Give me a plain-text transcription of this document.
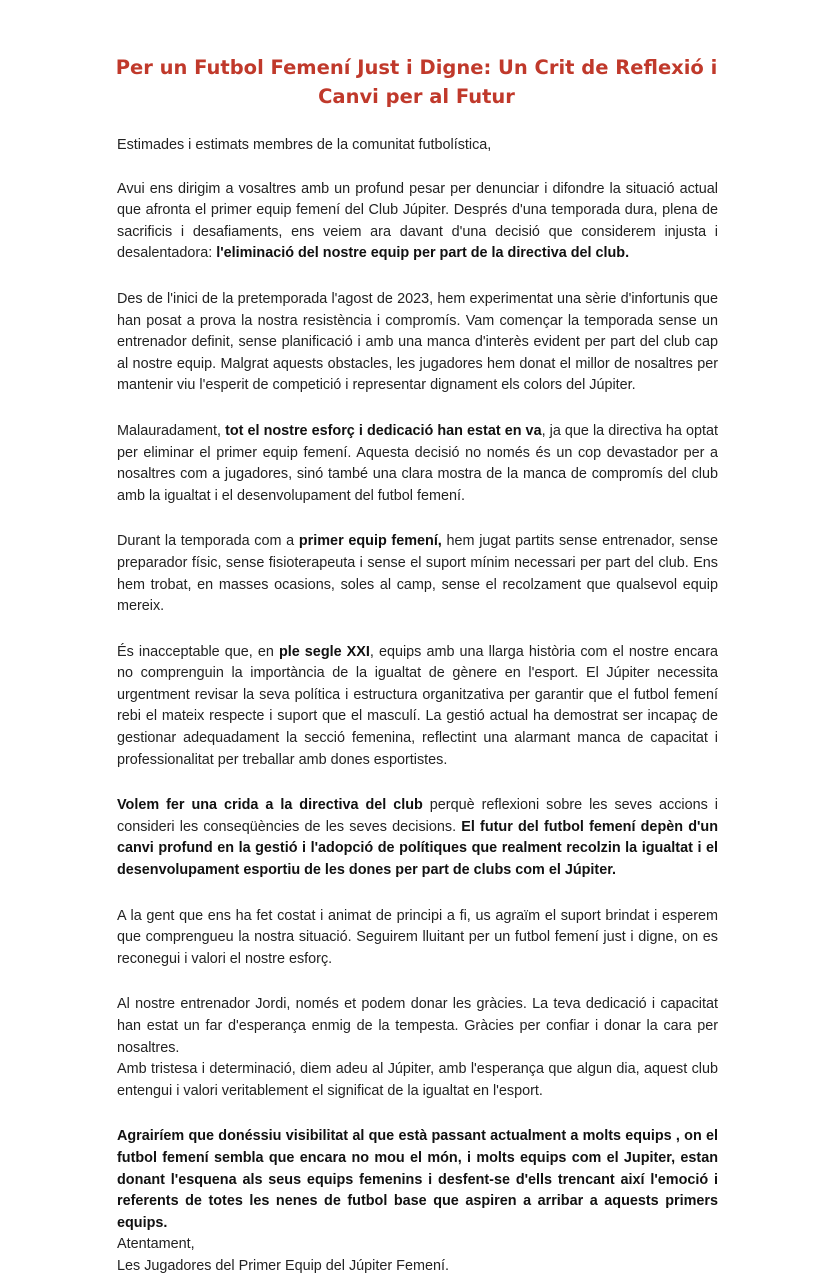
Per un Futbol Femení Just i Digne: Un Crit de Reflexió i Canvi per al Futur

Estimades i estimats membres de la comunitat futbolística,

Avui ens dirigim a vosaltres amb un profund pesar per denunciar i difondre la situació actual que afronta el primer equip femení del Club Júpiter. Després d'una temporada dura, plena de sacrificis i desafiaments, ens veiem ara davant d'una decisió que considerem injusta i desalentadora: l'eliminació del nostre equip per part de la directiva del club.

Des de l'inici de la pretemporada l'agost de 2023, hem experimentat una sèrie d'infortunis que han posat a prova la nostra resistència i compromís. Vam començar la temporada sense un entrenador definit, sense planificació i amb una manca d'interès evident per part del club cap al nostre equip. Malgrat aquests obstacles, les jugadores hem donat el millor de nosaltres per mantenir viu l'esperit de competició i representar dignament els colors del Júpiter.

Malauradament, tot el nostre esforç i dedicació han estat en va, ja que la directiva ha optat per eliminar el primer equip femení. Aquesta decisió no només és un cop devastador per a nosaltres com a jugadores, sinó també una clara mostra de la manca de compromís del club amb la igualtat i el desenvolupament del futbol femení.

Durant la temporada com a primer equip femení, hem jugat partits sense entrenador, sense preparador físic, sense fisioterapeuta i sense el suport mínim necessari per part del club. Ens hem trobat, en masses ocasions, soles al camp, sense el recolzament que qualsevol equip mereix.

És inacceptable que, en ple segle XXI, equips amb una llarga història com el nostre encara no comprenguin la importància de la igualtat de gènere en l'esport. El Júpiter necessita urgentment revisar la seva política i estructura organitzativa per garantir que el futbol femení rebi el mateix respecte i suport que el masculí. La gestió actual ha demostrat ser incapaç de gestionar adequadament la secció femenina, reflectint una alarmant manca de capacitat i professionalitat per treballar amb dones esportistes.

Volem fer una crida a la directiva del club perquè reflexioni sobre les seves accions i consideri les conseqüències de les seves decisions. El futur del futbol femení depèn d'un canvi profund en la gestió i l'adopció de polítiques que realment recolzin la igualtat i el desenvolupament esportiu de les dones per part de clubs com el Júpiter.

A la gent que ens ha fet costat i animat de principi a fi, us agraïm el suport brindat i esperem que comprengueu la nostra situació. Seguirem lluitant per un futbol femení just i digne, on es reconegui i valori el nostre esforç.

Al nostre entrenador Jordi, només et podem donar les gràcies. La teva dedicació i capacitat han estat un far d'esperança enmig de la tempesta. Gràcies per confiar i donar la cara per nosaltres.

Amb tristesa i determinació, diem adeu al Júpiter, amb l'esperança que algun dia, aquest club entengui i valori veritablement el significat de la igualtat en l'esport.

Agrairíem que donéssiu visibilitat al que està passant actualment a molts equips , on el futbol femení sembla que encara no mou el món, i molts equips com el Jupiter, estan donant l'esquena als seus equips femenins i desfent-se d'ells trencant així l'emoció i referents de totes les nenes de futbol base que aspiren a arribar a aquests primers equips.

Atentament,

Les Jugadores del Primer Equip del Júpiter Femení.
